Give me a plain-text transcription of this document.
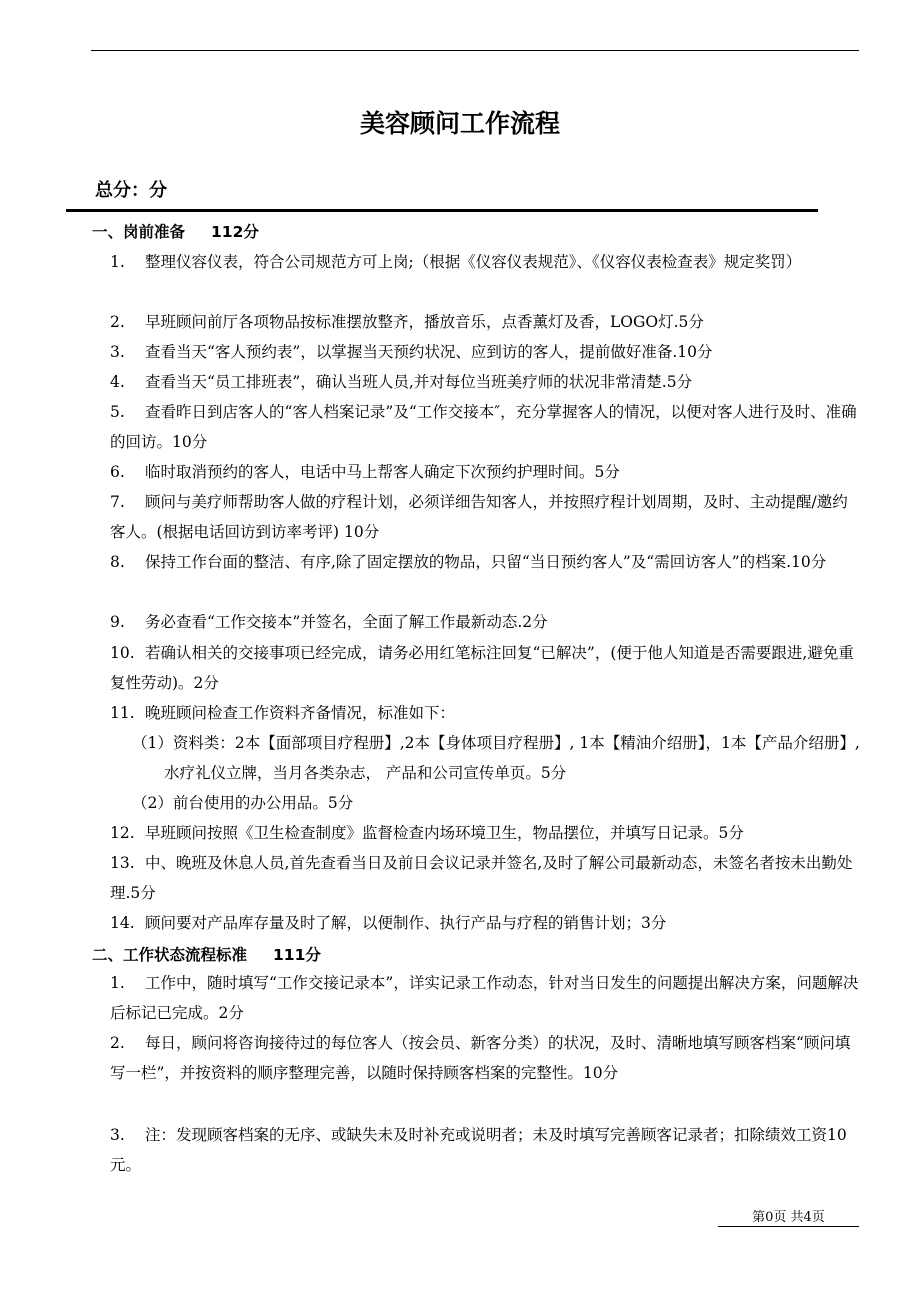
美容顾问工作流程
总分：分
一、岗前准备 112分
1.	整理仪容仪表，符合公司规范方可上岗;（根据《仪容仪表规范》、《仪容仪表检查表》规定奖罚）
2.	早班顾问前厅各项物品按标准摆放整齐，播放音乐，点香薰灯及香，LOGO灯.5分
3.	查看当天“客人预约表”，以掌握当天预约状况、应到访的客人，提前做好准备.10分
4.	查看当天“员工排班表”，确认当班人员,并对每位当班美疗师的状况非常清楚.5分
5.	查看昨日到店客人的“客人档案记录”及“工作交接本″，充分掌握客人的情况，以便对客人进行及时、准确的回访。10分
6.	临时取消预约的客人，电话中马上帮客人确定下次预约护理时间。5分
7.	顾问与美疗师帮助客人做的疗程计划，必须详细告知客人，并按照疗程计划周期，及时、主动提醒/邀约客人。(根据电话回访到访率考评) 10分
8.	保持工作台面的整洁、有序,除了固定摆放的物品，只留“当日预约客人”及“需回访客人”的档案.10分
9.	务必查看“工作交接本”并签名，全面了解工作最新动态.2分
10. 若确认相关的交接事项已经完成，请务必用红笔标注回复“已解决”，(便于他人知道是否需要跟进,避免重复性劳动)。2分
11. 晚班顾问检查工作资料齐备情况，标准如下：
（1）资料类：2本【面部项目疗程册】,2本【身体项目疗程册】, 1本【精油介绍册】，1本【产品介绍册】,水疗礼仪立牌，当月各类杂志， 产品和公司宣传单页。5分
（2）前台使用的办公用品。5分
12. 早班顾问按照《卫生检查制度》监督检查内场环境卫生，物品摆位，并填写日记录。5分
13. 中、晚班及休息人员,首先查看当日及前日会议记录并签名,及时了解公司最新动态，未签名者按未出勤处理.5分
14. 顾问要对产品库存量及时了解，以便制作、执行产品与疗程的销售计划；3分
二、工作状态流程标准 111分
1.	工作中，随时填写“工作交接记录本”，详实记录工作动态，针对当日发生的问题提出解决方案，问题解决后标记已完成。2分
2.	每日，顾问将咨询接待过的每位客人（按会员、新客分类）的状况，及时、清晰地填写顾客档案“顾问填写一栏”，并按资料的顺序整理完善，以随时保持顾客档案的完整性。10分
3.	注：发现顾客档案的无序、或缺失未及时补充或说明者；未及时填写完善顾客记录者；扣除绩效工资10元。
第0页 共4页
